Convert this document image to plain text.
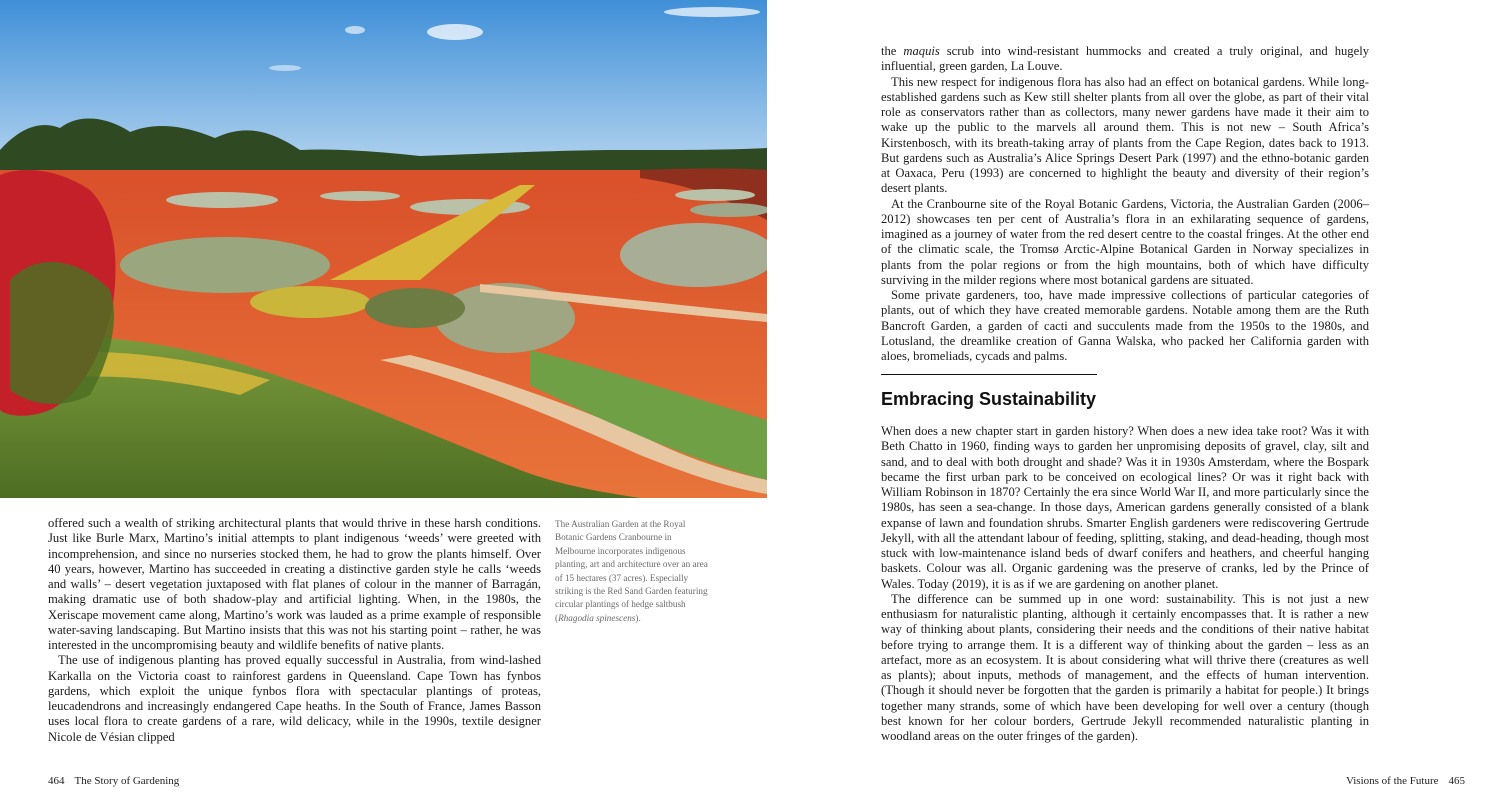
offered such a wealth of striking architectural plants that would thrive in these harsh conditions. Just like Burle Marx, Martino’s initial attempts to plant indigenous ‘weeds’ were greeted with incomprehension, and since no nurseries stocked them, he had to grow the plants himself. Over 40 years, however, Martino has succeeded in creating a distinctive garden style he calls ‘weeds and walls’ – desert vegetation juxtaposed with flat planes of colour in the manner of Barragán, making dramatic use of both shadow-play and artificial lighting. When, in the 1980s, the Xeriscape movement came along, Martino’s work was lauded as a prime example of responsible water-saving landscaping. But Martino insists that this was not his starting point – rather, he was interested in the uncompromising beauty and wildlife benefits of native plants.

The use of indigenous planting has proved equally successful in Australia, from wind-lashed Karkalla on the Victoria coast to rainforest gardens in Queensland. Cape Town has fynbos gardens, which exploit the unique fynbos flora with spectacular plantings of proteas, leucadendrons and increasingly endangered Cape heaths. In the South of France, James Basson uses local flora to create gardens of a rare, wild delicacy, while in the 1990s, textile designer Nicole de Vésian clipped

The Australian Garden at the Royal Botanic Gardens Cranbourne in Melbourne incorporates indigenous planting, art and architecture over an area of 15 hectares (37 acres). Especially striking is the Red Sand Garden featuring circular plantings of hedge saltbush (Rhagodia spinescens).

the maquis scrub into wind-resistant hummocks and created a truly original, and hugely influential, green garden, La Louve.

This new respect for indigenous flora has also had an effect on botanical gardens. While long-established gardens such as Kew still shelter plants from all over the globe, as part of their vital role as conservators rather than as collectors, many newer gardens have made it their aim to wake up the public to the marvels all around them. This is not new – South Africa’s Kirstenbosch, with its breath-taking array of plants from the Cape Region, dates back to 1913. But gardens such as Australia’s Alice Springs Desert Park (1997) and the ethno-botanic garden at Oaxaca, Peru (1993) are concerned to highlight the beauty and diversity of their region’s desert plants.

At the Cranbourne site of the Royal Botanic Gardens, Victoria, the Australian Garden (2006–2012) showcases ten per cent of Australia’s flora in an exhilarating sequence of gardens, imagined as a journey of water from the red desert centre to the coastal fringes. At the other end of the climatic scale, the Tromsø Arctic-Alpine Botanical Garden in Norway specializes in plants from the polar regions or from the high mountains, both of which have difficulty surviving in the milder regions where most botanical gardens are situated.

Some private gardeners, too, have made impressive collections of particular categories of plants, out of which they have created memorable gardens. Notable among them are the Ruth Bancroft Garden, a garden of cacti and succulents made from the 1950s to the 1980s, and Lotusland, the dreamlike creation of Ganna Walska, who packed her California garden with aloes, bromeliads, cycads and palms.

Embracing Sustainability

When does a new chapter start in garden history? When does a new idea take root? Was it with Beth Chatto in 1960, finding ways to garden her unpromising deposits of gravel, clay, silt and sand, and to deal with both drought and shade? Was it in 1930s Amsterdam, where the Bospark became the first urban park to be conceived on ecological lines? Or was it right back with William Robinson in 1870? Certainly the era since World War II, and more particularly since the 1980s, has seen a sea-change. In those days, American gardens generally consisted of a blank expanse of lawn and foundation shrubs. Smarter English gardeners were rediscovering Gertrude Jekyll, with all the attendant labour of feeding, splitting, staking, and dead-heading, though most stuck with low-maintenance island beds of dwarf conifers and heathers, and cheerful hanging baskets. Colour was all. Organic gardening was the preserve of cranks, led by the Prince of Wales. Today (2019), it is as if we are gardening on another planet.

The difference can be summed up in one word: sustainability. This is not just a new enthusiasm for naturalistic planting, although it certainly encompasses that. It is rather a new way of thinking about plants, considering their needs and the conditions of their native habitat before trying to arrange them. It is a different way of thinking about the garden – less as an artefact, more as an ecosystem. It is about considering what will thrive there (creatures as well as plants); about inputs, methods of management, and the effects of human intervention. (Though it should never be forgotten that the garden is primarily a habitat for people.) It brings together many strands, some of which have been developing for well over a century (though best known for her colour borders, Gertrude Jekyll recommended naturalistic planting in woodland areas on the outer fringes of the garden).

464 The Story of Gardening	Visions of the Future 465
